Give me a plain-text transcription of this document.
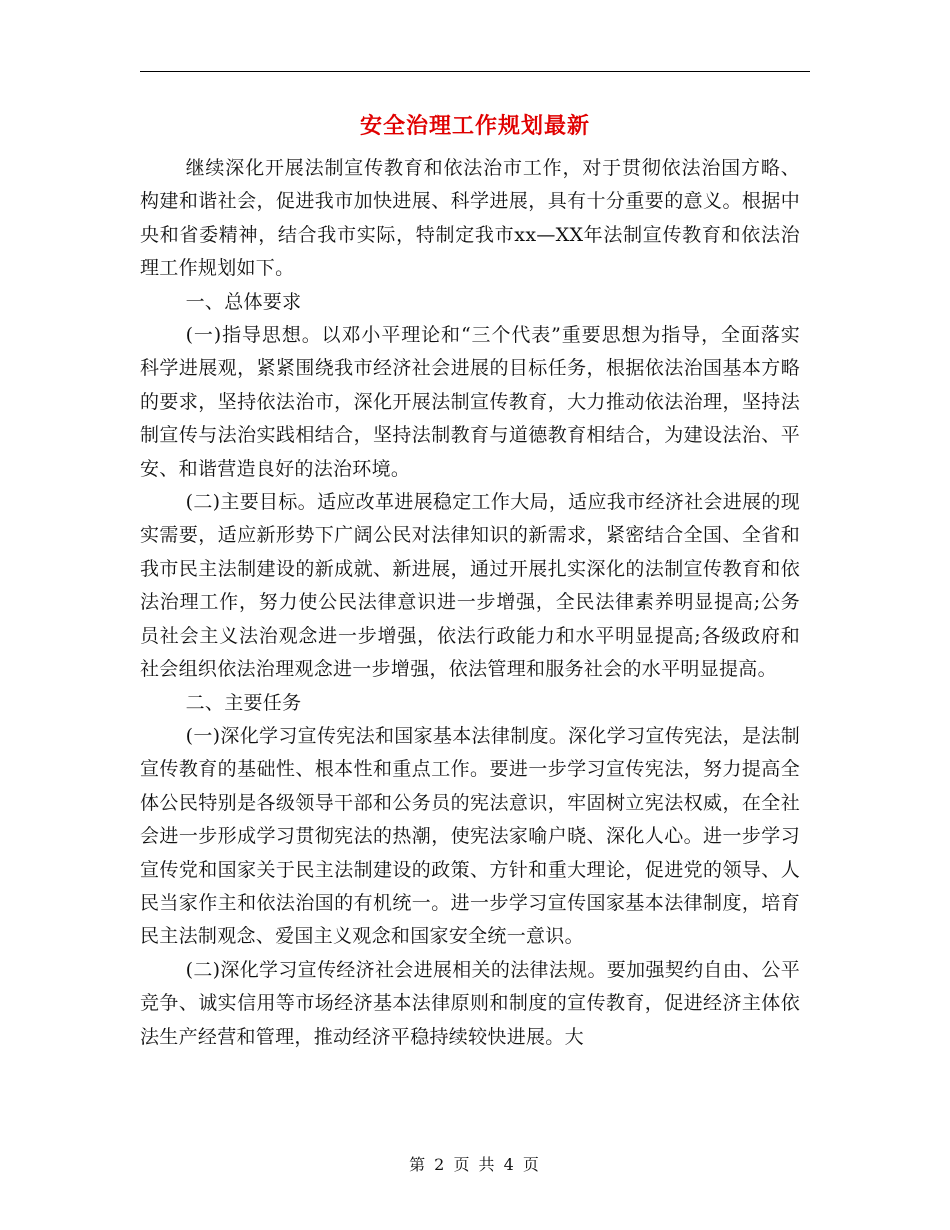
安全治理工作规划最新

继续深化开展法制宣传教育和依法治市工作，对于贯彻依法治国方略、构建和谐社会，促进我市加快进展、科学进展，具有十分重要的意义。根据中央和省委精神，结合我市实际，特制定我市xx—XX年法制宣传教育和依法治理工作规划如下。

一、总体要求

(一)指导思想。以邓小平理论和“三个代表”重要思想为指导，全面落实科学进展观，紧紧围绕我市经济社会进展的目标任务，根据依法治国基本方略的要求，坚持依法治市，深化开展法制宣传教育，大力推动依法治理，坚持法制宣传与法治实践相结合，坚持法制教育与道德教育相结合，为建设法治、平安、和谐营造良好的法治环境。

(二)主要目标。适应改革进展稳定工作大局，适应我市经济社会进展的现实需要，适应新形势下广阔公民对法律知识的新需求，紧密结合全国、全省和我市民主法制建设的新成就、新进展，通过开展扎实深化的法制宣传教育和依法治理工作，努力使公民法律意识进一步增强，全民法律素养明显提高;公务员社会主义法治观念进一步增强，依法行政能力和水平明显提高;各级政府和社会组织依法治理观念进一步增强，依法管理和服务社会的水平明显提高。

二、主要任务

(一)深化学习宣传宪法和国家基本法律制度。深化学习宣传宪法，是法制宣传教育的基础性、根本性和重点工作。要进一步学习宣传宪法，努力提高全体公民特别是各级领导干部和公务员的宪法意识，牢固树立宪法权威，在全社会进一步形成学习贯彻宪法的热潮，使宪法家喻户晓、深化人心。进一步学习宣传党和国家关于民主法制建设的政策、方针和重大理论，促进党的领导、人民当家作主和依法治国的有机统一。进一步学习宣传国家基本法律制度，培育民主法制观念、爱国主义观念和国家安全统一意识。

(二)深化学习宣传经济社会进展相关的法律法规。要加强契约自由、公平竞争、诚实信用等市场经济基本法律原则和制度的宣传教育，促进经济主体依法生产经营和管理，推动经济平稳持续较快进展。大

第 2 页 共 4 页
